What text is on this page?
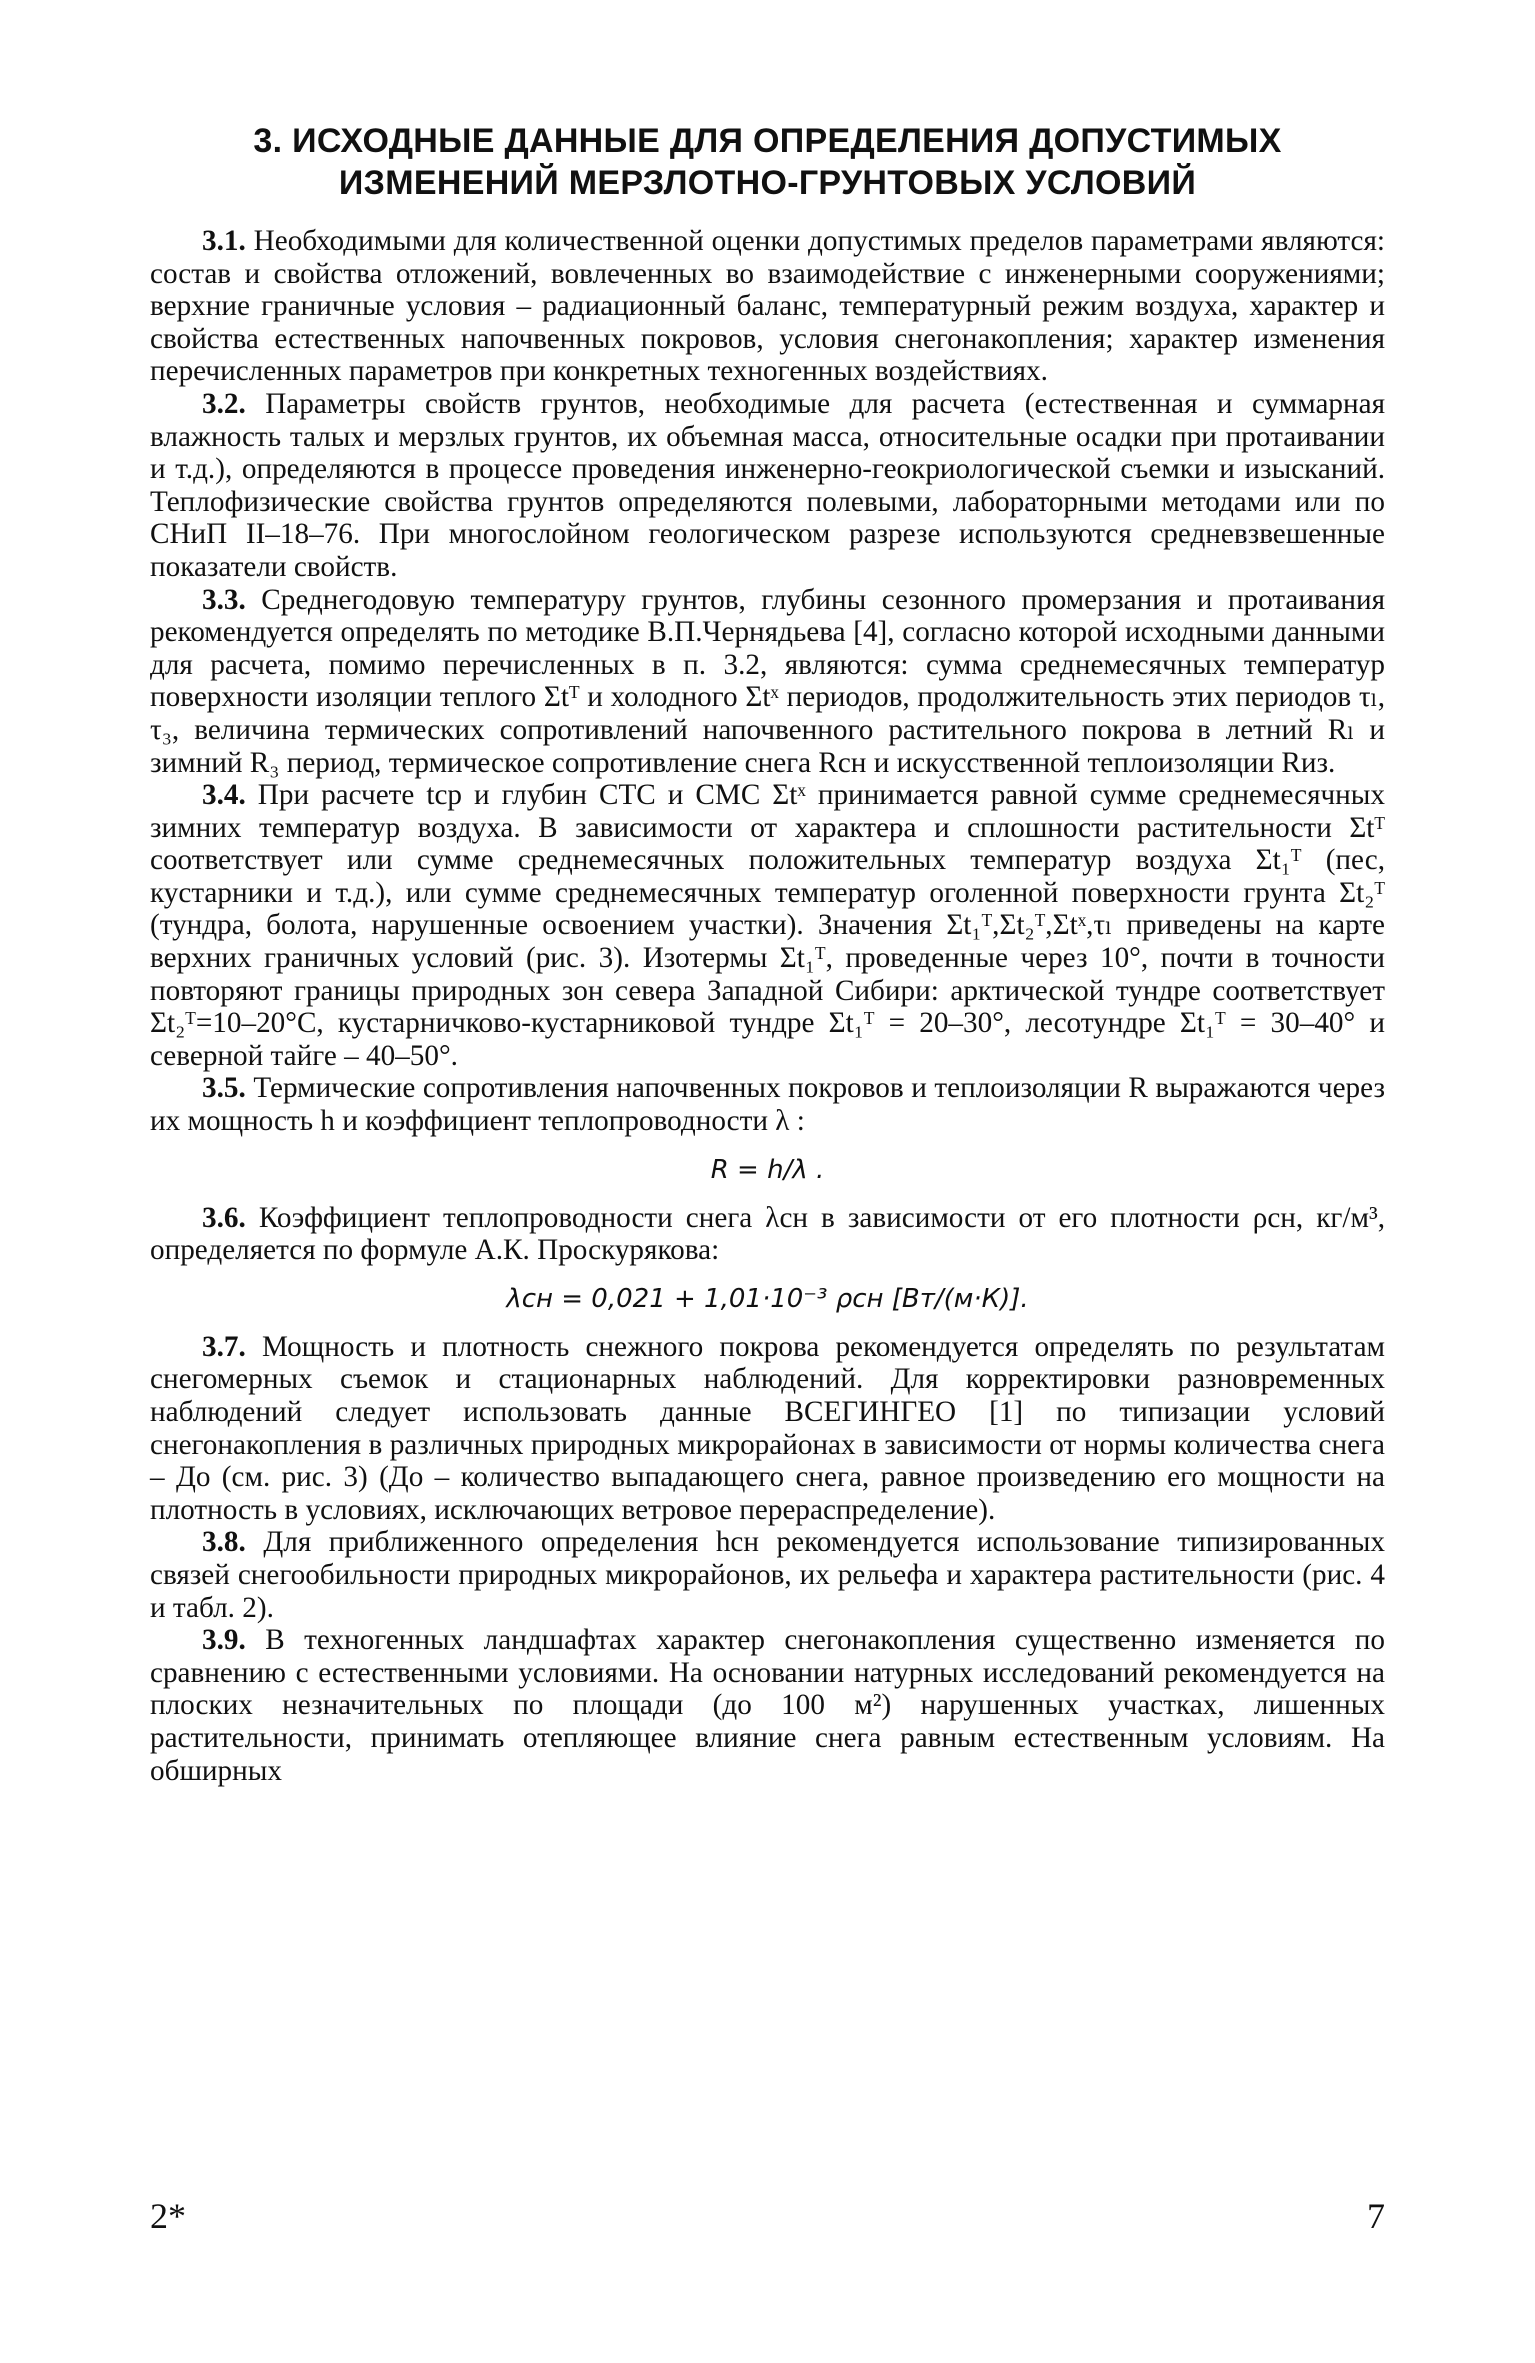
3. ИСХОДНЫЕ ДАННЫЕ ДЛЯ ОПРЕДЕЛЕНИЯ ДОПУСТИМЫХ
ИЗМЕНЕНИЙ МЕРЗЛОТНО-ГРУНТОВЫХ УСЛОВИЙ

3.1. Необходимыми для количественной оценки допустимых пределов параметрами являются: состав и свойства отложений, вовлеченных во взаимодействие с инженерными сооружениями; верхние граничные условия – радиационный баланс, температурный режим воздуха, характер и свойства естественных напочвенных покровов, условия снегонакопления; характер изменения перечисленных параметров при конкретных техногенных воздействиях.

3.2. Параметры свойств грунтов, необходимые для расчета (естественная и суммарная влажность талых и мерзлых грунтов, их объемная масса, относительные осадки при протаивании и т.д.), определяются в процессе проведения инженерно-геокриологической съемки и изысканий. Теплофизические свойства грунтов определяются полевыми, лабораторными методами или по СНиП II–18–76. При многослойном геологическом разрезе используются средневзвешенные показатели свойств.

3.3. Среднегодовую температуру грунтов, глубины сезонного промерзания и протаивания рекомендуется определять по методике В.П.Чернядьева [4], согласно которой исходными данными для расчета, помимо перечисленных в п. 3.2, являются: сумма среднемесячных температур поверхности изоляции теплого Σtᵀ и холодного Σtˣ периодов, продолжительность этих периодов τₗ, τ₃, величина термических сопротивлений напочвенного растительного покрова в летний Rₗ и зимний R₃ период, термическое сопротивление снега Rсн и искусственной теплоизоляции Rиз.

3.4. При расчете tср и глубин СТС и СМС Σtˣ принимается равной сумме среднемесячных зимних температур воздуха. В зависимости от характера и сплошности растительности Σtᵀ соответствует или сумме среднемесячных положительных температур воздуха Σt₁ᵀ (пес, кустарники и т.д.), или сумме среднемесячных температур оголенной поверхности грунта Σt₂ᵀ (тундра, болота, нарушенные освоением участки). Значения Σt₁ᵀ,Σt₂ᵀ,Σtˣ,τₗ приведены на карте верхних граничных условий (рис. 3). Изотермы Σt₁ᵀ, проведенные через 10°, почти в точности повторяют границы природных зон севера Западной Сибири: арктической тундре соответствует Σt₂ᵀ=10–20°С, кустарничково-кустарниковой тундре Σt₁ᵀ = 20–30°, лесотундре Σt₁ᵀ = 30–40° и северной тайге – 40–50°.

3.5. Термические сопротивления напочвенных покровов и теплоизоляции R выражаются через их мощность h и коэффициент теплопроводности λ :

R = h/λ .

3.6. Коэффициент теплопроводности снега λсн в зависимости от его плотности ρсн, кг/м³, определяется по формуле А.К. Проскурякова:

λсн = 0,021 + 1,01·10⁻³ ρсн [Вт/(м·К)].

3.7. Мощность и плотность снежного покрова рекомендуется определять по результатам снегомерных съемок и стационарных наблюдений. Для корректировки разновременных наблюдений следует использовать данные ВСЕГИНГЕО [1] по типизации условий снегонакопления в различных природных микрорайонах в зависимости от нормы количества снега – До (см. рис. 3) (До – количество выпадающего снега, равное произведению его мощности на плотность в условиях, исключающих ветровое перераспределение).

3.8. Для приближенного определения hсн рекомендуется использование типизированных связей снегообильности природных микрорайонов, их рельефа и характера растительности (рис. 4 и табл. 2).

3.9. В техногенных ландшафтах характер снегонакопления существенно изменяется по сравнению с естественными условиями. На основании натурных исследований рекомендуется на плоских незначительных по площади (до 100 м²) нарушенных участках, лишенных растительности, принимать отепляющее влияние снега равным естественным условиям. На обширных

2*	7
